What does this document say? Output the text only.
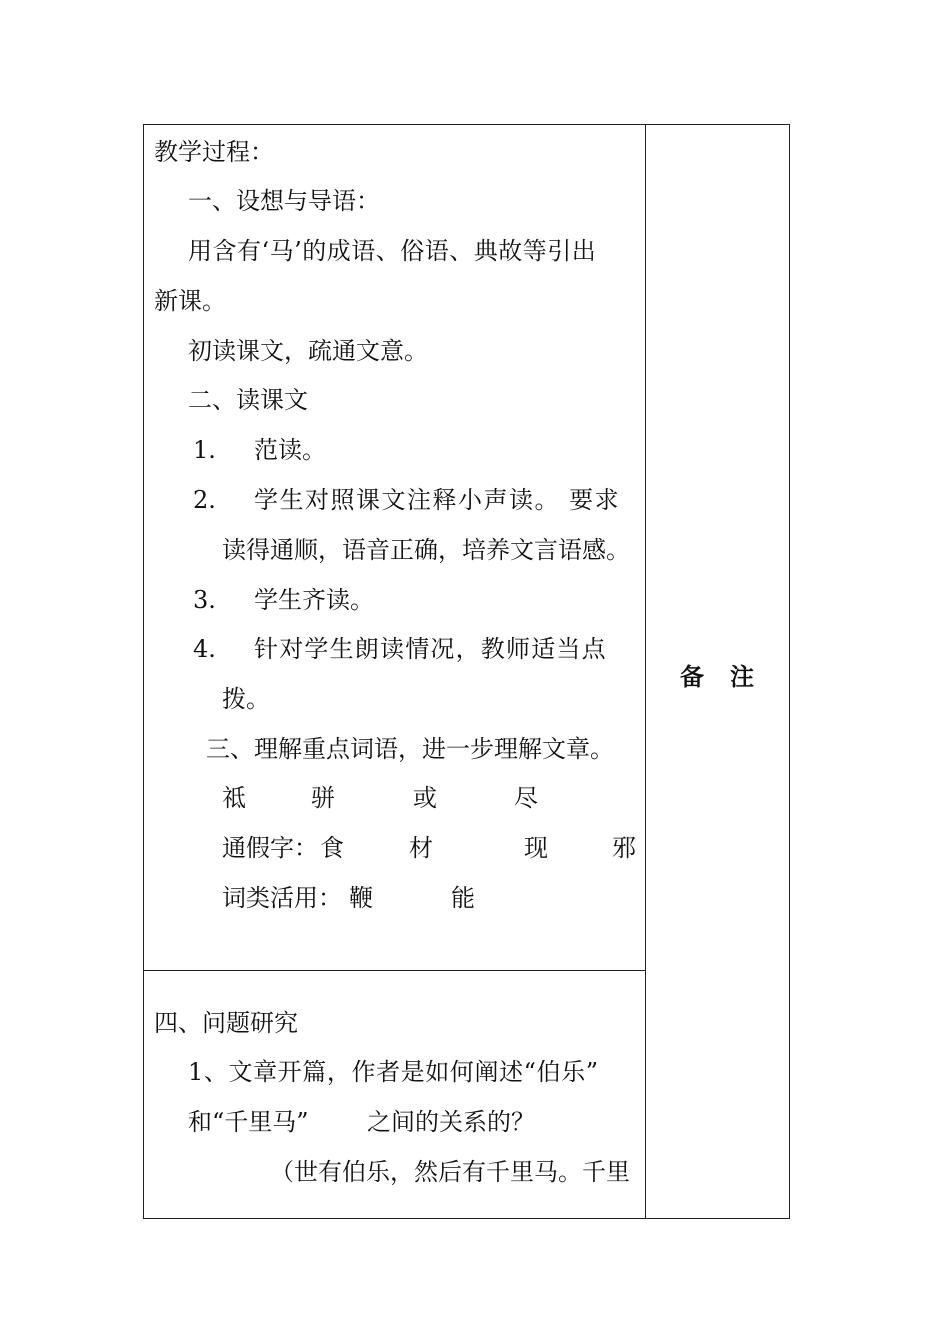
教学过程：
一、设想与导语：
用含有‘马’的成语、俗语、典故等引出
新课。
初读课文，疏通文意。
二、读课文
1. 范读。
2. 学生对照课文注释小声读。 要求
读得通顺，语音正确，培养文言语感。
3. 学生齐读。
4. 针对学生朗读情况，教师适当点
拨。
三、理解重点词语，进一步理解文章。
祗	骈	或	尽
通假字： 食	材	现	邪
词类活用： 鞭	能
四、问题研究
1、文章开篇，作者是如何阐述“伯乐”
和“千里马” 之间的关系的？
（世有伯乐，然后有千里马。千里
备注
